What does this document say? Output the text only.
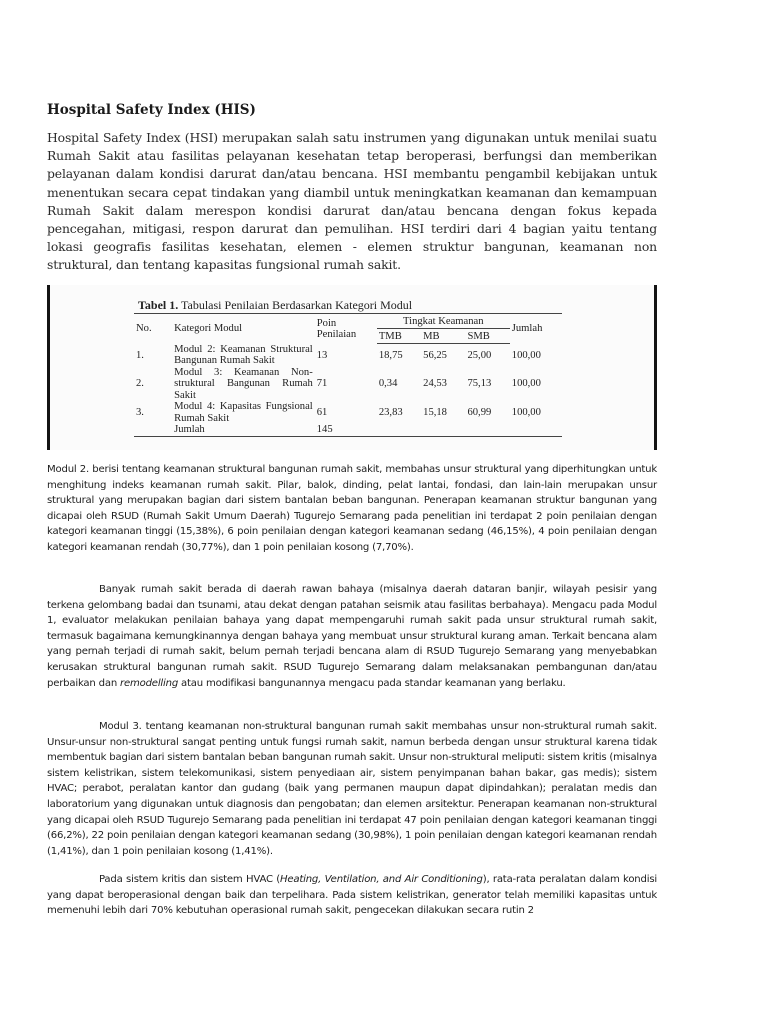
Hospital Safety Index (HIS)

Hospital Safety Index (HSI) merupakan salah satu instrumen yang digunakan untuk menilai suatu Rumah Sakit atau fasilitas pelayanan kesehatan tetap beroperasi, berfungsi dan memberikan pelayanan dalam kondisi darurat dan/atau bencana. HSI membantu pengambil kebijakan untuk menentukan secara cepat tindakan yang diambil untuk meningkatkan keamanan dan kemampuan Rumah Sakit dalam merespon kondisi darurat dan/atau bencana dengan fokus kepada pencegahan, mitigasi, respon darurat dan pemulihan. HSI terdiri dari 4 bagian yaitu tentang lokasi geografis fasilitas kesehatan, elemen - elemen struktur bangunan, keamanan non struktural, dan tentang kapasitas fungsional rumah sakit.

Tabel 1. Tabulasi Penilaian Berdasarkan Kategori Modul

No.	Kategori Modul	Poin Penilaian	Tingkat Keamanan			Jumlah
			TMB	MB	SMB	
1.	Modul 2: Keamanan Struktural Bangunan Rumah Sakit	13	18,75	56,25	25,00	100,00
2.	Modul 3: Keamanan Non-struktural Bangunan Rumah Sakit	71	0,34	24,53	75,13	100,00
3.	Modul 4: Kapasitas Fungsional Rumah Sakit	61	23,83	15,18	60,99	100,00
	Jumlah	145				

Modul 2. berisi tentang keamanan struktural bangunan rumah sakit, membahas unsur struktural yang diperhitungkan untuk menghitung indeks keamanan rumah sakit. Pilar, balok, dinding, pelat lantai, fondasi, dan lain-lain merupakan unsur struktural yang merupakan bagian dari sistem bantalan beban bangunan. Penerapan keamanan struktur bangunan yang dicapai oleh RSUD (Rumah Sakit Umum Daerah) Tugurejo Semarang pada penelitian ini terdapat 2 poin penilaian dengan kategori keamanan tinggi (15,38%), 6 poin penilaian dengan kategori keamanan sedang (46,15%), 4 poin penilaian dengan kategori keamanan rendah (30,77%), dan 1 poin penilaian kosong (7,70%).

Banyak rumah sakit berada di daerah rawan bahaya (misalnya daerah dataran banjir, wilayah pesisir yang terkena gelombang badai dan tsunami, atau dekat dengan patahan seismik atau fasilitas berbahaya). Mengacu pada Modul 1, evaluator melakukan penilaian bahaya yang dapat mempengaruhi rumah sakit pada unsur struktural rumah sakit, termasuk bagaimana kemungkinannya dengan bahaya yang membuat unsur struktural kurang aman. Terkait bencana alam yang pernah terjadi di rumah sakit, belum pernah terjadi bencana alam di RSUD Tugurejo Semarang yang menyebabkan kerusakan struktural bangunan rumah sakit. RSUD Tugurejo Semarang dalam melaksanakan pembangunan dan/atau perbaikan dan remodelling atau modifikasi bangunannya mengacu pada standar keamanan yang berlaku.

Modul 3. tentang keamanan non-struktural bangunan rumah sakit membahas unsur non-struktural rumah sakit. Unsur-unsur non-struktural sangat penting untuk fungsi rumah sakit, namun berbeda dengan unsur struktural karena tidak membentuk bagian dari sistem bantalan beban bangunan rumah sakit. Unsur non-struktural meliputi: sistem kritis (misalnya sistem kelistrikan, sistem telekomunikasi, sistem penyediaan air, sistem penyimpanan bahan bakar, gas medis); sistem HVAC; perabot, peralatan kantor dan gudang (baik yang permanen maupun dapat dipindahkan); peralatan medis dan laboratorium yang digunakan untuk diagnosis dan pengobatan; dan elemen arsitektur. Penerapan keamanan non-struktural yang dicapai oleh RSUD Tugurejo Semarang pada penelitian ini terdapat 47 poin penilaian dengan kategori keamanan tinggi (66,2%), 22 poin penilaian dengan kategori keamanan sedang (30,98%), 1 poin penilaian dengan kategori keamanan rendah (1,41%), dan 1 poin penilaian kosong (1,41%).

Pada sistem kritis dan sistem HVAC (Heating, Ventilation, and Air Conditioning), rata-rata peralatan dalam kondisi yang dapat beroperasional dengan baik dan terpelihara. Pada sistem kelistrikan, generator telah memiliki kapasitas untuk memenuhi lebih dari 70% kebutuhan operasional rumah sakit, pengecekan dilakukan secara rutin 2
